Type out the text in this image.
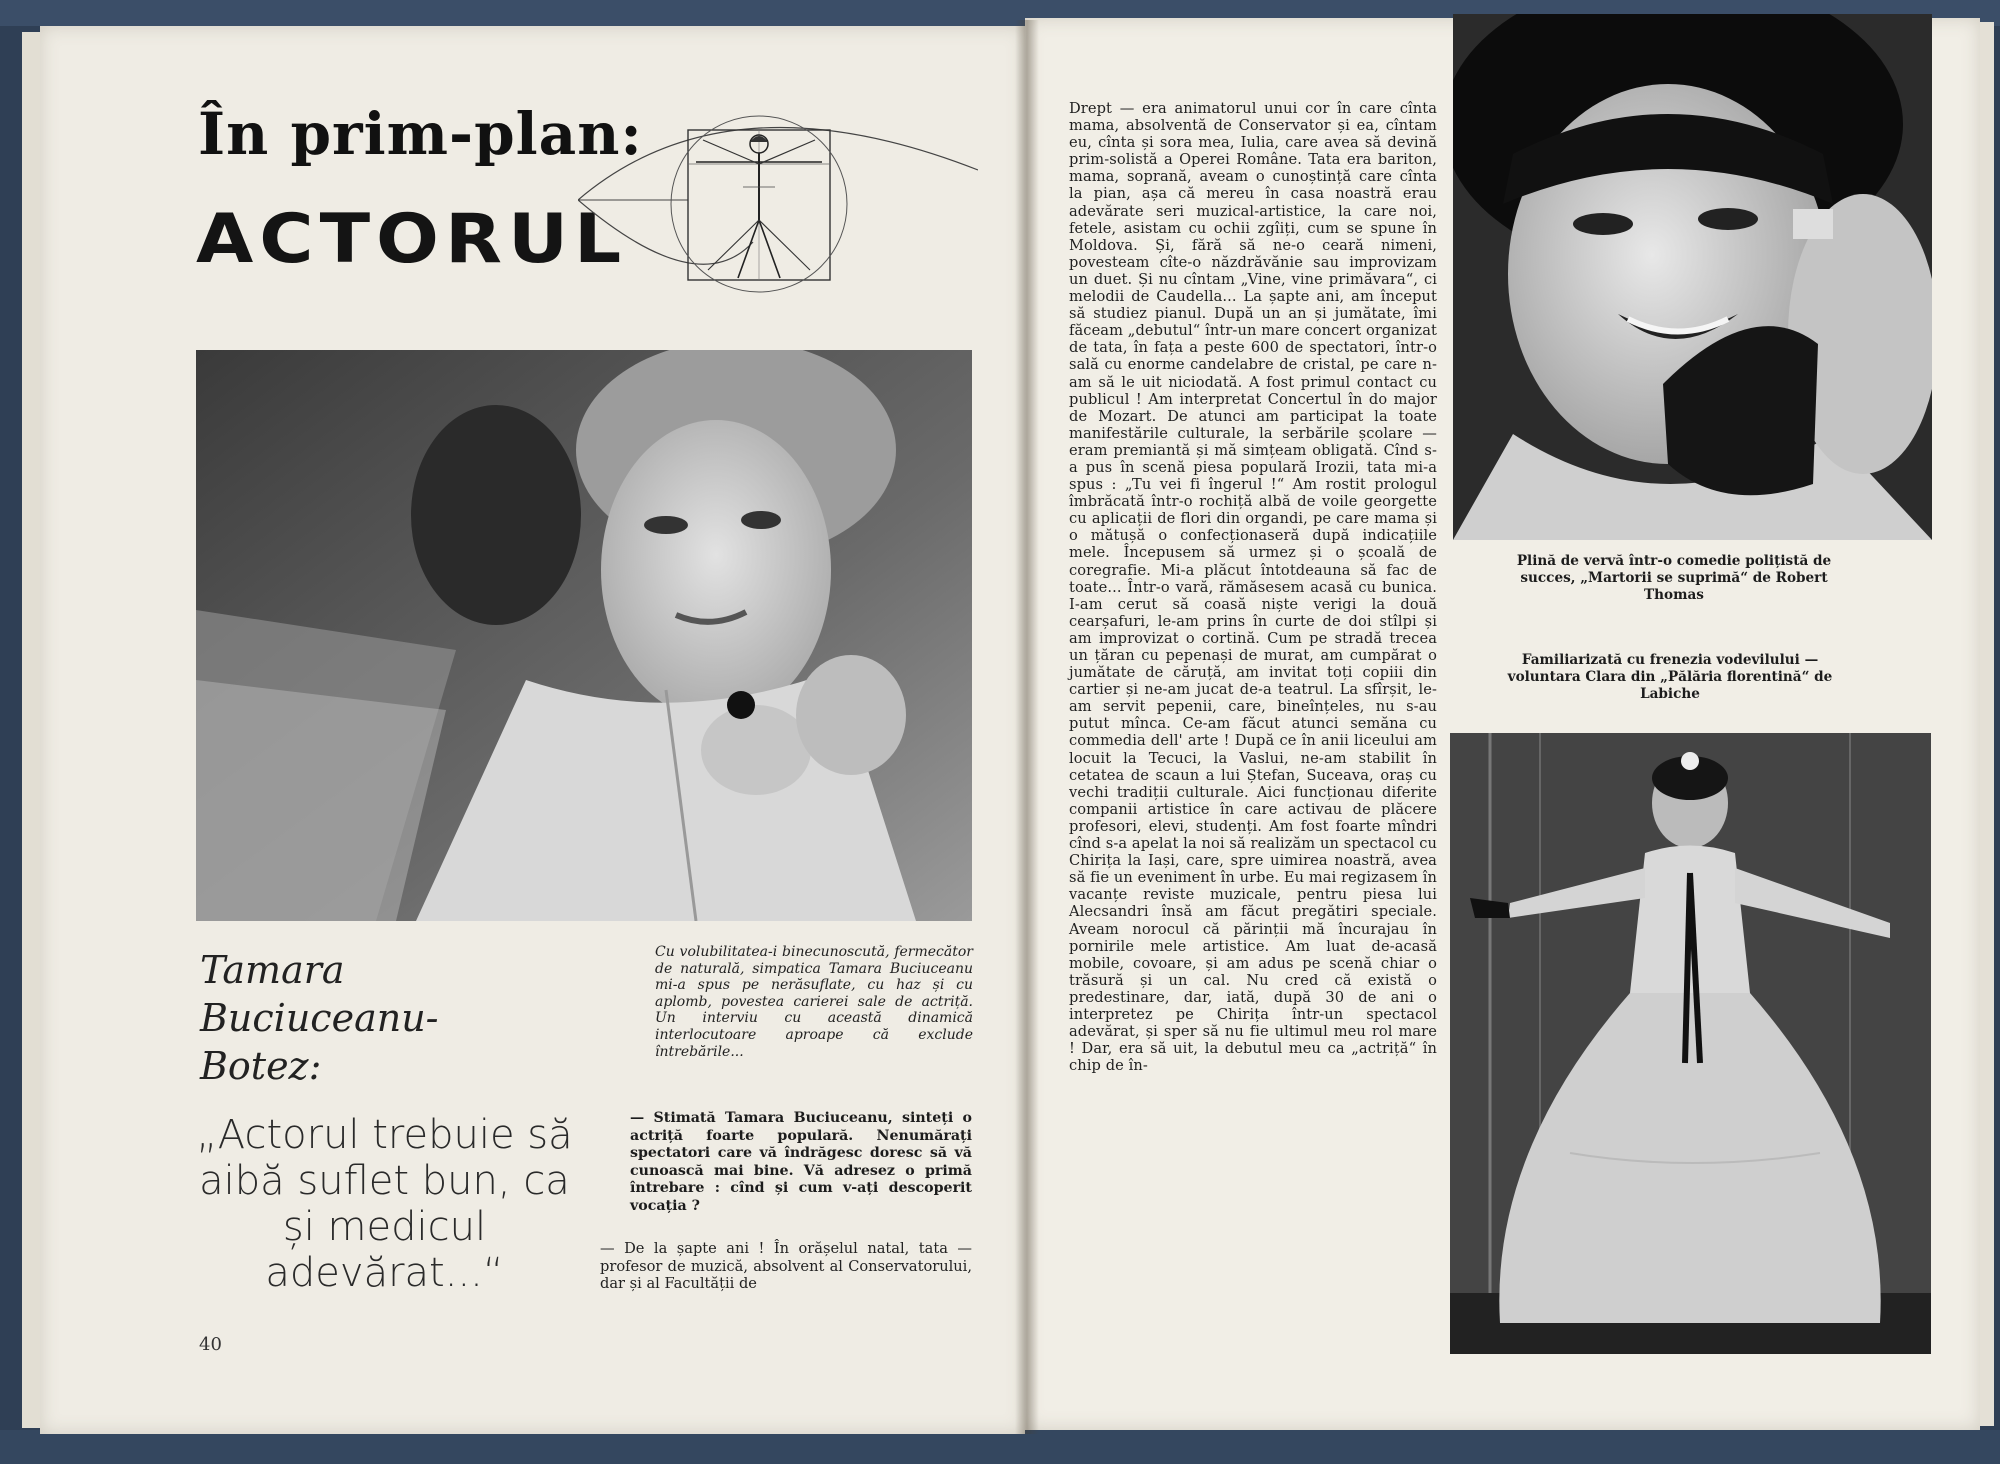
În prim-plan:
ACTORUL
Tamara
Buciuceanu-
Botez:
„Actorul trebuie să aibă suflet bun, ca și medicul adevărat...“
Cu volubilitatea-i binecunoscută, fermecător de naturală, simpatica Tamara Buciuceanu mi-a spus pe nerăsuflate, cu haz și cu aplomb, povestea carierei sale de actriță. Un interviu cu această dinamică interlocutoare aproape că exclude întrebările...
— Stimată Tamara Buciuceanu, sinteți o actriță foarte populară. Nenumărați spectatori care vă îndrăgesc doresc să vă cunoască mai bine. Vă adresez o primă întrebare : cînd și cum v-ați descoperit vocația ?
— De la șapte ani ! În orășelul natal, tata — profesor de muzică, absolvent al Conservatorului, dar și al Facultății de
40
Drept — era animatorul unui cor în care cînta mama, absolventă de Conservator și ea, cîntam eu, cînta și sora mea, Iulia, care avea să devină prim-solistă a Operei Române. Tata era bariton, mama, soprană, aveam o cunoștință care cînta la pian, așa că mereu în casa noastră erau adevărate seri muzical-artistice, la care noi, fetele, asistam cu ochii zgîiți, cum se spune în Moldova. Și, fără să ne-o ceară nimeni, povesteam cîte-o năzdrăvănie sau improvizam un duet. Și nu cîntam „Vine, vine primăvara“, ci melodii de Caudella... La șapte ani, am început să studiez pianul. După un an și jumătate, îmi făceam „debutul“ într-un mare concert organizat de tata, în fața a peste 600 de spectatori, într-o sală cu enorme candelabre de cristal, pe care n-am să le uit niciodată. A fost primul contact cu publicul ! Am interpretat Concertul în do major de Mozart. De atunci am participat la toate manifestările culturale, la serbările școlare — eram premiantă și mă simțeam obligată. Cînd s-a pus în scenă piesa populară Irozii, tata mi-a spus : „Tu vei fi îngerul !“ Am rostit prologul îmbrăcată într-o rochiță albă de voile georgette cu aplicații de flori din organdi, pe care mama și o mătușă o confecționaseră după indicațiile mele. Începusem să urmez și o școală de coregrafie. Mi-a plăcut întotdeauna să fac de toate... Într-o vară, rămăsesem acasă cu bunica. I-am cerut să coasă niște verigi la două cearșafuri, le-am prins în curte de doi stîlpi și am improvizat o cortină. Cum pe stradă trecea un țăran cu pepenași de murat, am cumpărat o jumătate de căruță, am invitat toți copiii din cartier și ne-am jucat de-a teatrul. La sfîrșit, le-am servit pepenii, care, bineînțeles, nu s-au putut mînca. Ce-am făcut atunci semăna cu commedia dell' arte ! După ce în anii liceului am locuit la Tecuci, la Vaslui, ne-am stabilit în cetatea de scaun a lui Ștefan, Suceava, oraș cu vechi tradiții culturale. Aici funcționau diferite companii artistice în care activau de plăcere profesori, elevi, studenți. Am fost foarte mîndri cînd s-a apelat la noi să realizăm un spectacol cu Chirița la Iași, care, spre uimirea noastră, avea să fie un eveniment în urbe. Eu mai regizasem în vacanțe reviste muzicale, pentru piesa lui Alecsandri însă am făcut pregătiri speciale. Aveam norocul că părinții mă încurajau în pornirile mele artistice. Am luat de-acasă mobile, covoare, și am adus pe scenă chiar o trăsură și un cal. Nu cred că există o predestinare, dar, iată, după 30 de ani o interpretez pe Chirița într-un spectacol adevărat, și sper să nu fie ultimul meu rol mare ! Dar, era să uit, la debutul meu ca „actriță“ în chip de în-
Plină de vervă într-o comedie polițistă de succes, „Martorii se suprimă“ de Robert Thomas
Familiarizată cu frenezia vodevilului — voluntara Clara din „Pălăria florentină“ de Labiche
